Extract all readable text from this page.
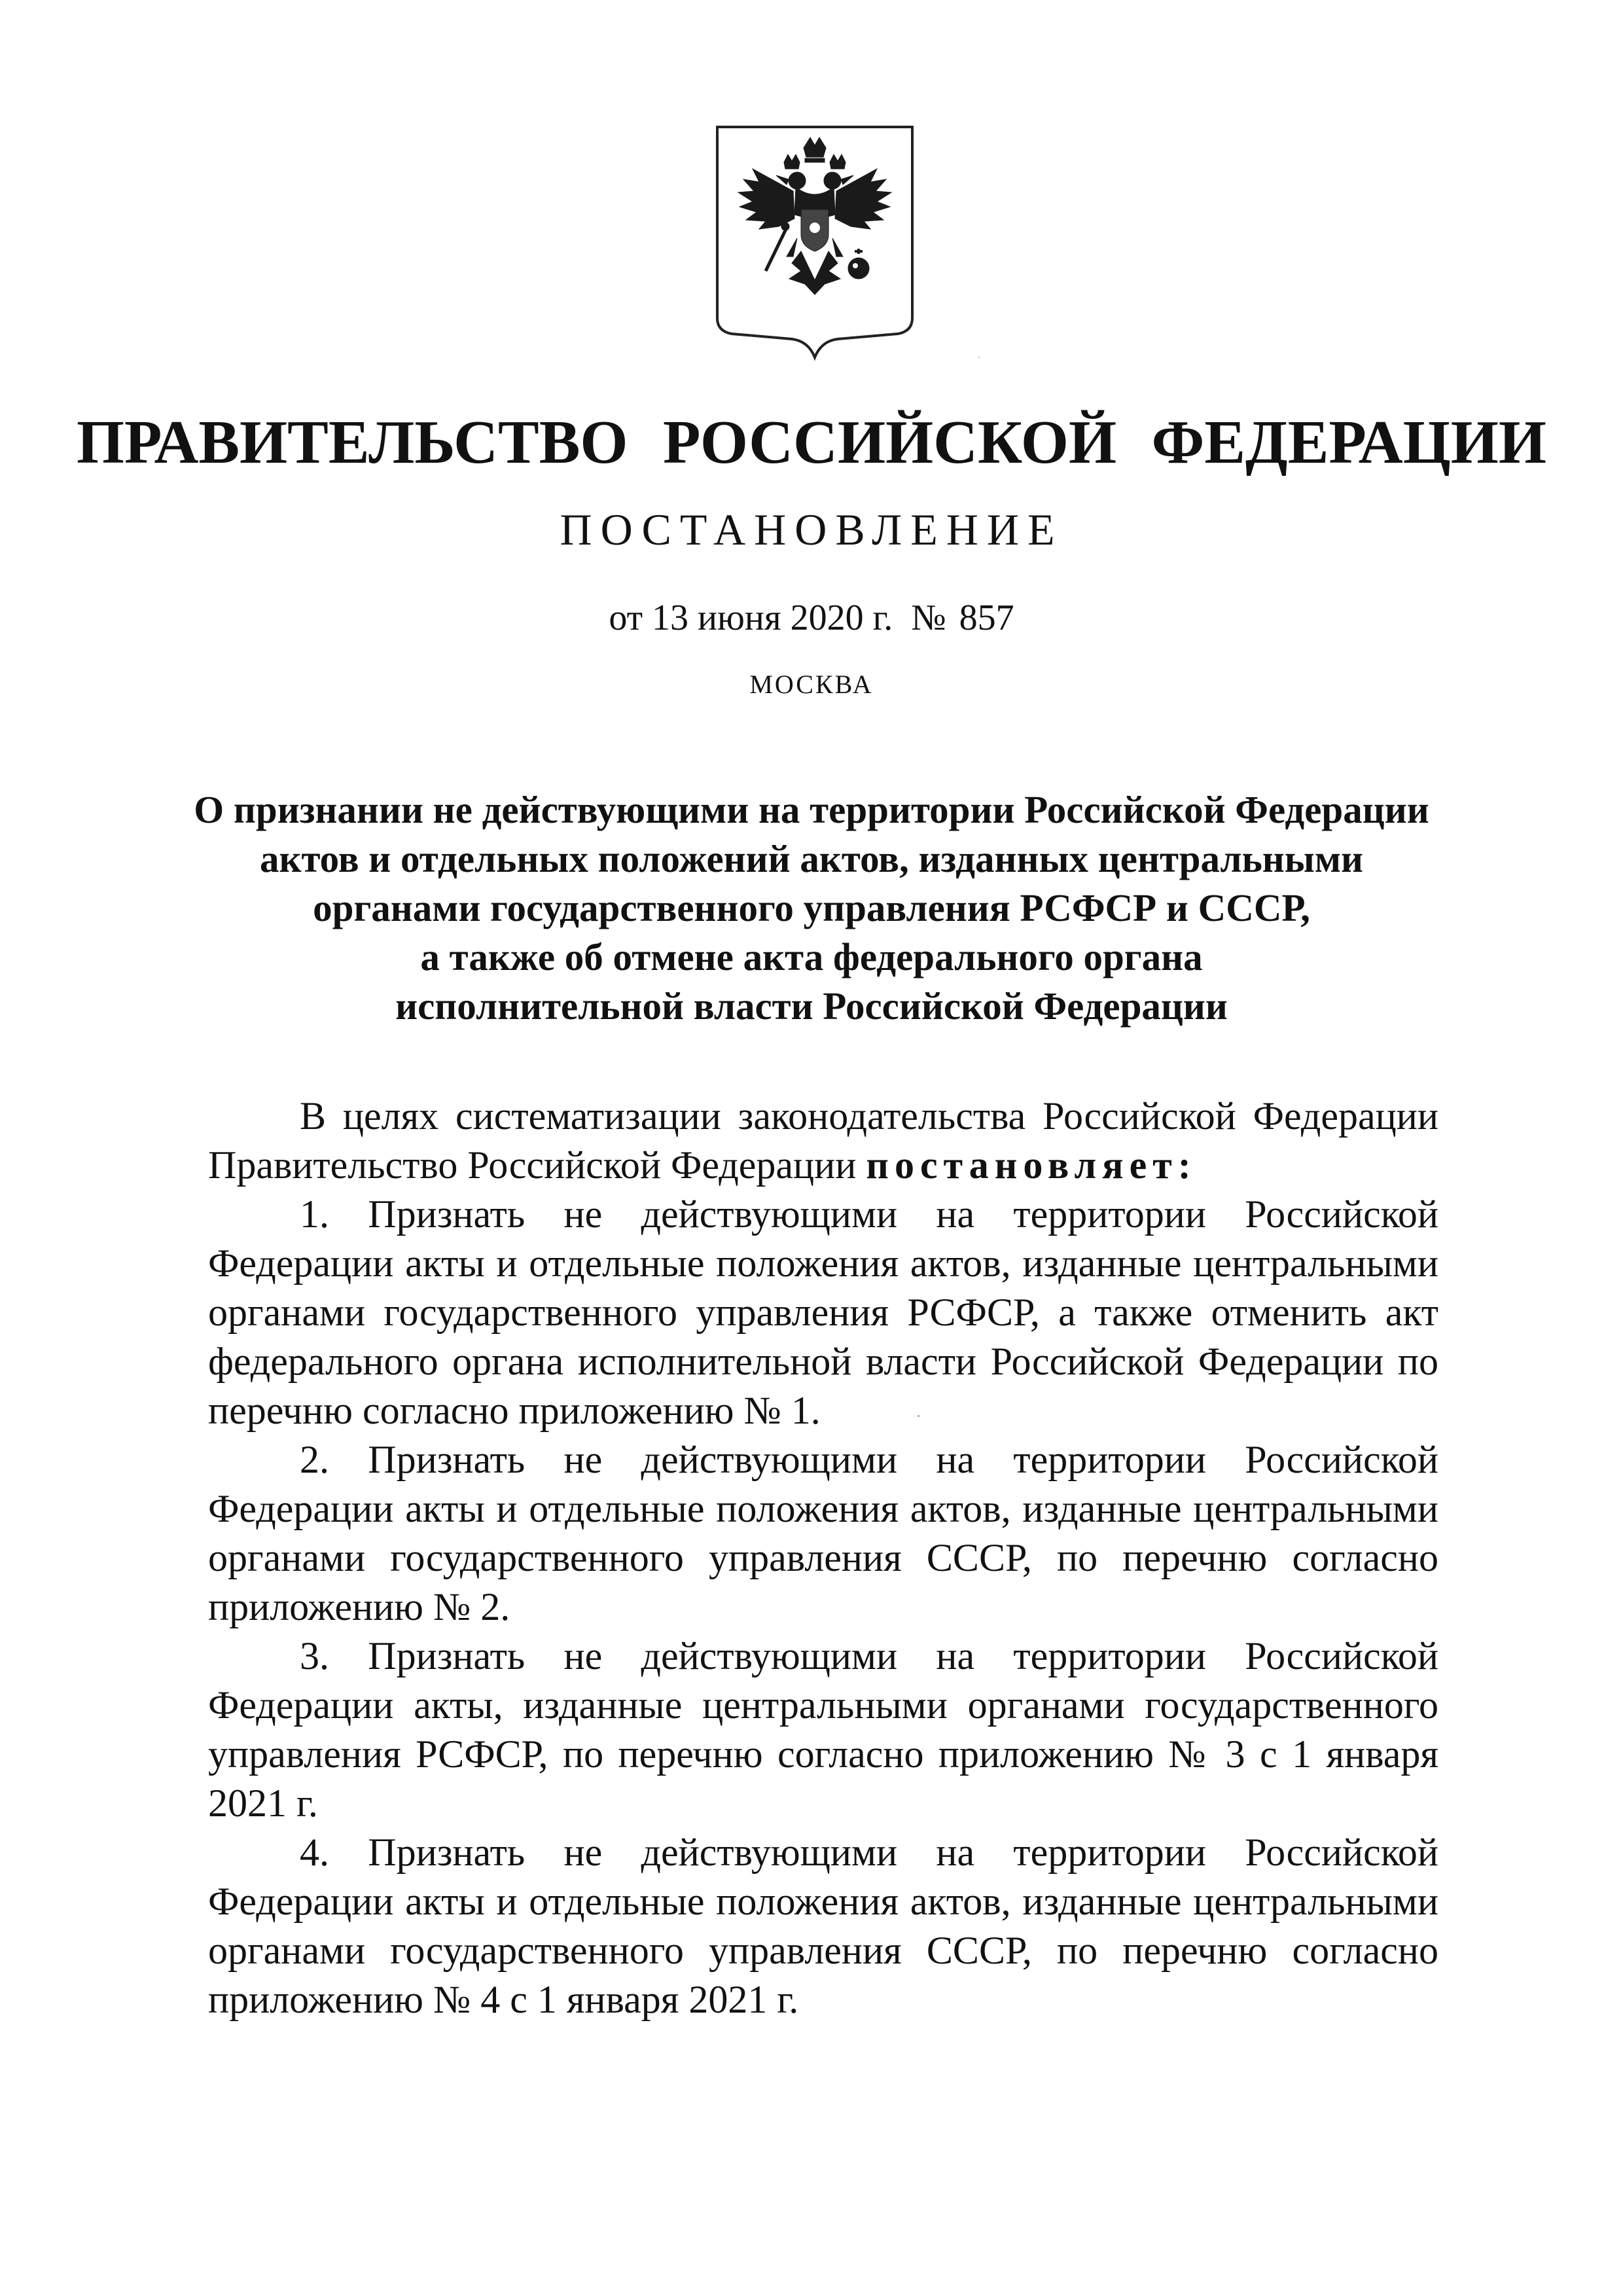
ПРАВИТЕЛЬСТВО РОССИЙСКОЙ ФЕДЕРАЦИИ
ПОСТАНОВЛЕНИЕ
от 13 июня 2020 г. № 857
МОСКВА
О признании не действующими на территории Российской Федерации
актов и отдельных положений актов, изданных центральными
органами государственного управления РСФСР и СССР,
а также об отмене акта федерального органа
исполнительной власти Российской Федерации

В целях систематизации законодательства Российской Федерации Правительство Российской Федерации постановляет:

1. Признать не действующими на территории Российской Федерации акты и отдельные положения актов, изданные центральными органами государственного управления РСФСР, а также отменить акт федерального органа исполнительной власти Российской Федерации по перечню согласно приложению № 1.

2. Признать не действующими на территории Российской Федерации акты и отдельные положения актов, изданные центральными органами государственного управления СССР, по перечню согласно приложению № 2.

3. Признать не действующими на территории Российской Федерации акты, изданные центральными органами государственного управления РСФСР, по перечню согласно приложению № 3 с 1 января 2021 г.

4. Признать не действующими на территории Российской Федерации акты и отдельные положения актов, изданные центральными органами государственного управления СССР, по перечню согласно приложению № 4 с 1 января 2021 г.
